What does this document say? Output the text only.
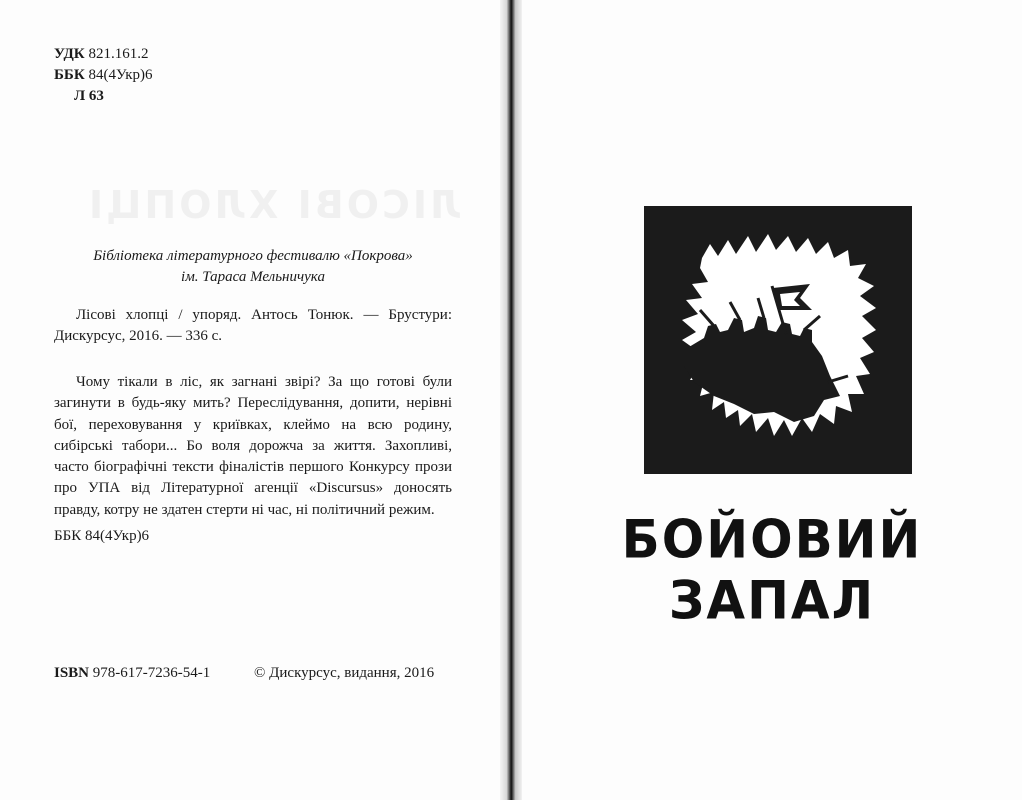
ЛІСОВІ ХЛОПЦІ
УДК 821.161.2
ББК 84(4Укр)6
Л 63
Бібліотека літературного фестивалю «Покрова»
ім. Тараса Мельничука
Лісові хлопці / упоряд. Антось Тонюк. — Брустури: Дискурсус, 2016. — 336 с.
Чому тікали в ліс, як загнані звірі? За що готові були загинути в будь-яку мить? Переслідування, допити, нерівні бої, переховування у криївках, клеймо на всю родину, сибірські табори... Бо воля дорожча за життя. Захопливі, часто біографічні тексти фіналістів першого Конкурсу прози про УПА від Літературної агенції «Discursus» доносять правду, котру не здатен стерти ні час, ні політичний режим.
ББК 84(4Укр)6
ISBN 978-617-7236-54-1	© Дискурсус, видання, 2016
БОЙОВИЙ ЗАПАЛ
